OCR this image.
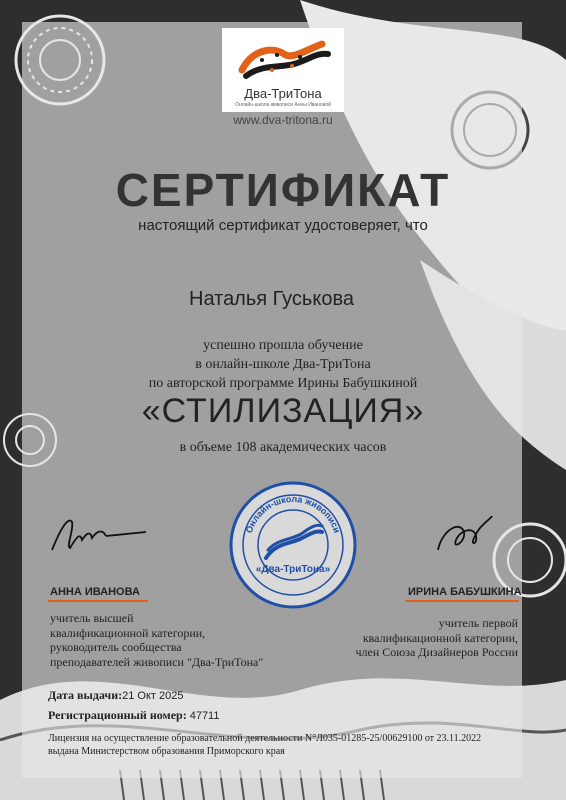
Два-ТриТона
Онлайн-школа живописи Анны Ивановой
www.dva-tritona.ru
СЕРТИФИКАТ
настоящий сертификат удостоверяет, что
Наталья Гуськова
успешно прошла обучение
в онлайн-школе Два-ТриТона
по авторской программе Ирины Бабушкиной
«СТИЛИЗАЦИЯ»
в объеме 108 академических часов
Онлайн-школа живописи
«Два-ТриТона»
АННА ИВАНОВА	ИРИНА БАБУШКИНА
учитель высшей
квалификационной категории,
руководитель сообщества
преподавателей живописи "Два-ТриТона"
учитель первой
квалификационной категории,
член Союза Дизайнеров России
Дата выдачи:21 Окт 2025
Регистрационный номер: 47711
Лицензия на осуществление образовательной деятельности N°Л035-01285-25/00629100 от 23.11.2022
выдана Министерством образования Приморского края
